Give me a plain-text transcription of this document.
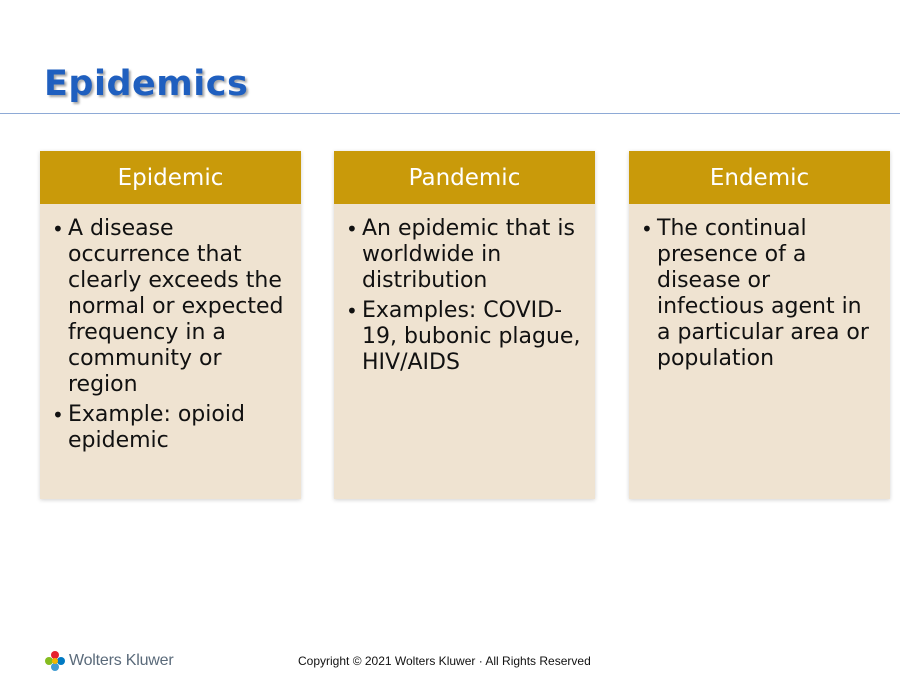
Epidemics
Epidemic
• A disease occurrence that clearly exceeds the normal or expected frequency in a community or region
• Example: opioid epidemic
Pandemic
• An epidemic that is worldwide in distribution
• Examples: COVID-19, bubonic plague, HIV/AIDS
Endemic
• The continual presence of a disease or infectious agent in a particular area or population
Wolters Kluwer	Copyright © 2021 Wolters Kluwer · All Rights Reserved
